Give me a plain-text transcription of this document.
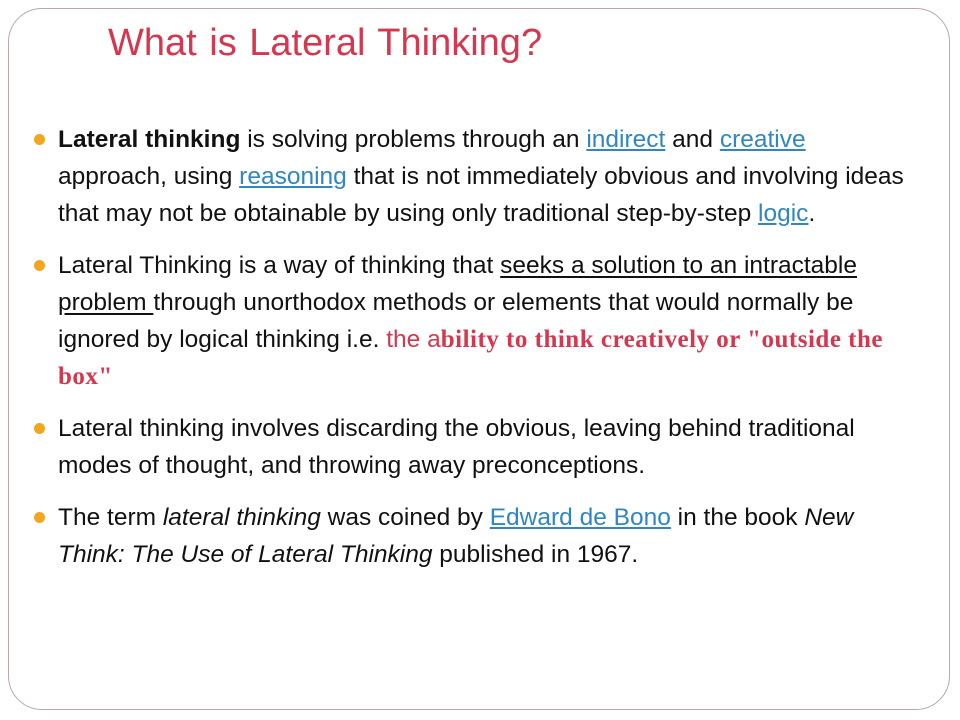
What is Lateral Thinking?
Lateral thinking is solving problems through an indirect and creative approach, using reasoning that is not immediately obvious and involving ideas that may not be obtainable by using only traditional step-by-step logic.
Lateral Thinking is a way of thinking that seeks a solution to an intractable problem through unorthodox methods or elements that would normally be ignored by logical thinking i.e. the ability to think creatively or "outside the box"
Lateral thinking involves discarding the obvious, leaving behind traditional modes of thought, and throwing away preconceptions.
The term lateral thinking was coined by Edward de Bono in the book New Think: The Use of Lateral Thinking published in 1967.
